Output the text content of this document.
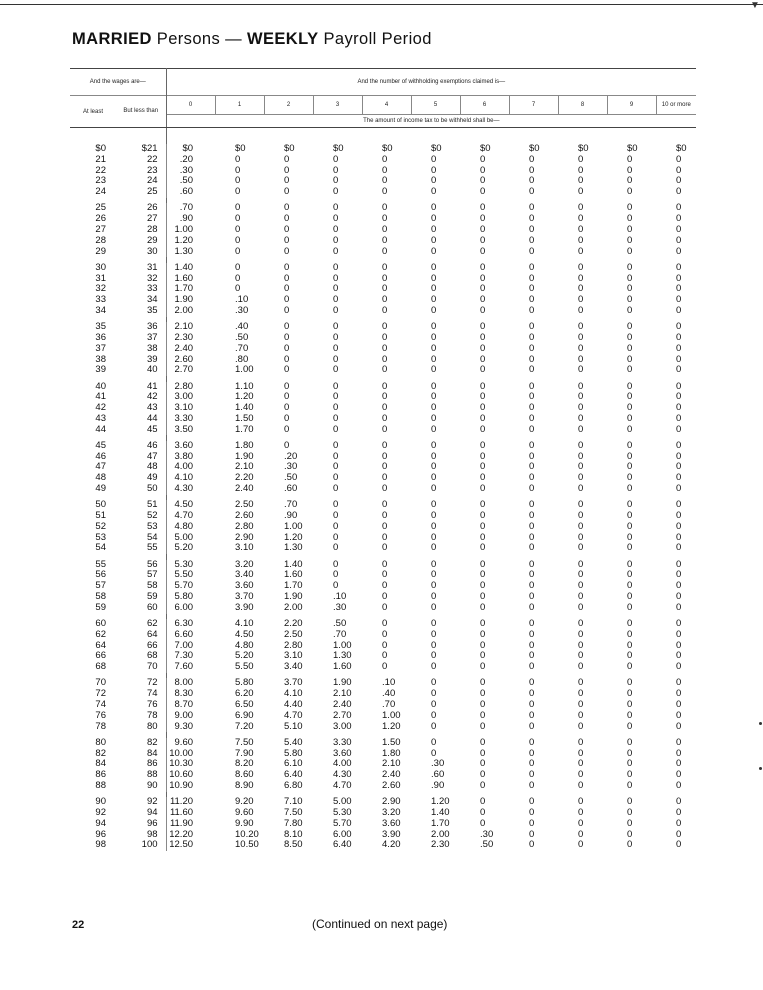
▼
MARRIED Persons — WEEKLY Payroll Period
And the wages are—		And the number of withholding exemptions claimed is—										
At least	But less than	0	1	2	3	4	5	6	7	8	9	10 or more
		The amount of income tax to be withheld shall be—										

$0	$21	$0	$0	$0	$0	$0	$0	$0	$0	$0	$0	$0
21	22	.20	0	0	0	0	0	0	0	0	0	0
22	23	.30	0	0	0	0	0	0	0	0	0	0
23	24	.50	0	0	0	0	0	0	0	0	0	0
24	25	.60	0	0	0	0	0	0	0	0	0	0

25	26	.70	0	0	0	0	0	0	0	0	0	0
26	27	.90	0	0	0	0	0	0	0	0	0	0
27	28	1.00	0	0	0	0	0	0	0	0	0	0
28	29	1.20	0	0	0	0	0	0	0	0	0	0
29	30	1.30	0	0	0	0	0	0	0	0	0	0

30	31	1.40	0	0	0	0	0	0	0	0	0	0
31	32	1.60	0	0	0	0	0	0	0	0	0	0
32	33	1.70	0	0	0	0	0	0	0	0	0	0
33	34	1.90	.10	0	0	0	0	0	0	0	0	0
34	35	2.00	.30	0	0	0	0	0	0	0	0	0

35	36	2.10	.40	0	0	0	0	0	0	0	0	0
36	37	2.30	.50	0	0	0	0	0	0	0	0	0
37	38	2.40	.70	0	0	0	0	0	0	0	0	0
38	39	2.60	.80	0	0	0	0	0	0	0	0	0
39	40	2.70	1.00	0	0	0	0	0	0	0	0	0

40	41	2.80	1.10	0	0	0	0	0	0	0	0	0
41	42	3.00	1.20	0	0	0	0	0	0	0	0	0
42	43	3.10	1.40	0	0	0	0	0	0	0	0	0
43	44	3.30	1.50	0	0	0	0	0	0	0	0	0
44	45	3.50	1.70	0	0	0	0	0	0	0	0	0

45	46	3.60	1.80	0	0	0	0	0	0	0	0	0
46	47	3.80	1.90	.20	0	0	0	0	0	0	0	0
47	48	4.00	2.10	.30	0	0	0	0	0	0	0	0
48	49	4.10	2.20	.50	0	0	0	0	0	0	0	0
49	50	4.30	2.40	.60	0	0	0	0	0	0	0	0

50	51	4.50	2.50	.70	0	0	0	0	0	0	0	0
51	52	4.70	2.60	.90	0	0	0	0	0	0	0	0
52	53	4.80	2.80	1.00	0	0	0	0	0	0	0	0
53	54	5.00	2.90	1.20	0	0	0	0	0	0	0	0
54	55	5.20	3.10	1.30	0	0	0	0	0	0	0	0

55	56	5.30	3.20	1.40	0	0	0	0	0	0	0	0
56	57	5.50	3.40	1.60	0	0	0	0	0	0	0	0
57	58	5.70	3.60	1.70	0	0	0	0	0	0	0	0
58	59	5.80	3.70	1.90	.10	0	0	0	0	0	0	0
59	60	6.00	3.90	2.00	.30	0	0	0	0	0	0	0

60	62	6.30	4.10	2.20	.50	0	0	0	0	0	0	0
62	64	6.60	4.50	2.50	.70	0	0	0	0	0	0	0
64	66	7.00	4.80	2.80	1.00	0	0	0	0	0	0	0
66	68	7.30	5.20	3.10	1.30	0	0	0	0	0	0	0
68	70	7.60	5.50	3.40	1.60	0	0	0	0	0	0	0

70	72	8.00	5.80	3.70	1.90	.10	0	0	0	0	0	0
72	74	8.30	6.20	4.10	2.10	.40	0	0	0	0	0	0
74	76	8.70	6.50	4.40	2.40	.70	0	0	0	0	0	0
76	78	9.00	6.90	4.70	2.70	1.00	0	0	0	0	0	0
78	80	9.30	7.20	5.10	3.00	1.20	0	0	0	0	0	0

80	82	9.60	7.50	5.40	3.30	1.50	0	0	0	0	0	0
82	84	10.00	7.90	5.80	3.60	1.80	0	0	0	0	0	0
84	86	10.30	8.20	6.10	4.00	2.10	.30	0	0	0	0	0
86	88	10.60	8.60	6.40	4.30	2.40	.60	0	0	0	0	0
88	90	10.90	8.90	6.80	4.70	2.60	.90	0	0	0	0	0

90	92	11.20	9.20	7.10	5.00	2.90	1.20	0	0	0	0	0
92	94	11.60	9.60	7.50	5.30	3.20	1.40	0	0	0	0	0
94	96	11.90	9.90	7.80	5.70	3.60	1.70	0	0	0	0	0
96	98	12.20	10.20	8.10	6.00	3.90	2.00	.30	0	0	0	0
98	100	12.50	10.50	8.50	6.40	4.20	2.30	.50	0	0	0	0
22	(Continued on next page)
